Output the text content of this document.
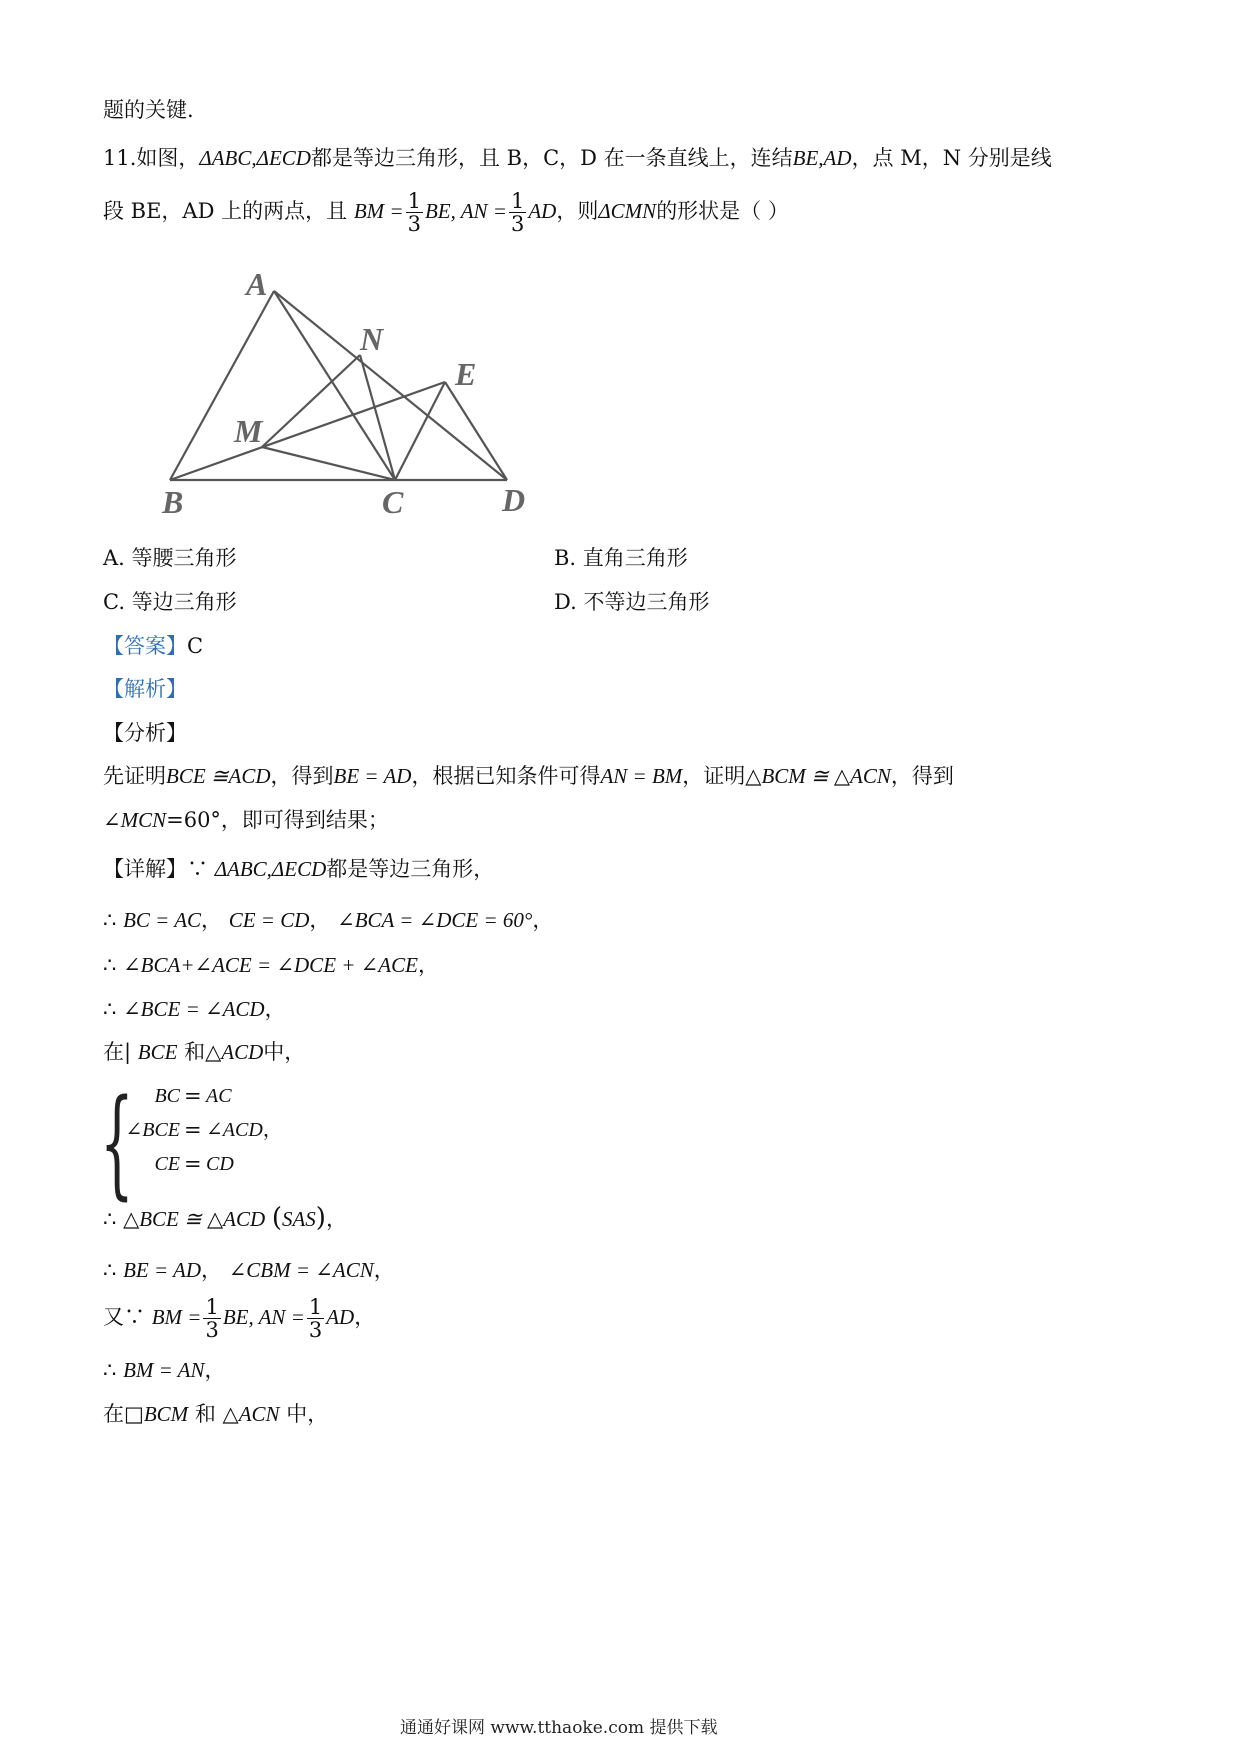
题的关键.
11.如图，ΔABC,ΔECD都是等边三角形，且 B，C，D 在一条直线上，连结BE,AD，点 M，N 分别是线
段 BE，AD 上的两点，且 BM = $\frac{1}{3}$ BE, AN = $\frac{1}{3}$ AD，则ΔCMN的形状是（ ）
A
N
E
M
B	C	D
A. 等腰三角形	B. 直角三角形
C. 等边三角形	D. 不等边三角形
【答案】C
【解析】
【分析】
先证明BCE ≅ACD，得到BE = AD，根据已知条件可得AN = BM，证明△BCM ≅ △ACN，得到
∠MCN=60°，即可得到结果；
【详解】∵ ΔABC,ΔECD都是等边三角形，
∴ BC = AC， CE = CD， ∠BCA = ∠DCE = 60°，
∴ ∠BCA+∠ACE = ∠DCE + ∠ACE，
∴ ∠BCE = ∠ACD，
在| BCE 和△ACD中，
{ BC = AC
∠BCE = ∠ACD，
CE = CD
∴ △BCE ≅ △ACD (SAS)，
∴ BE = AD， ∠CBM = ∠ACN，
又∵ BM = $\frac{1}{3}$ BE, AN = $\frac{1}{3}$ AD，
∴ BM = AN，
在□BCM 和 △ACN 中，
通通好课网 www.tthaoke.com 提供下载
